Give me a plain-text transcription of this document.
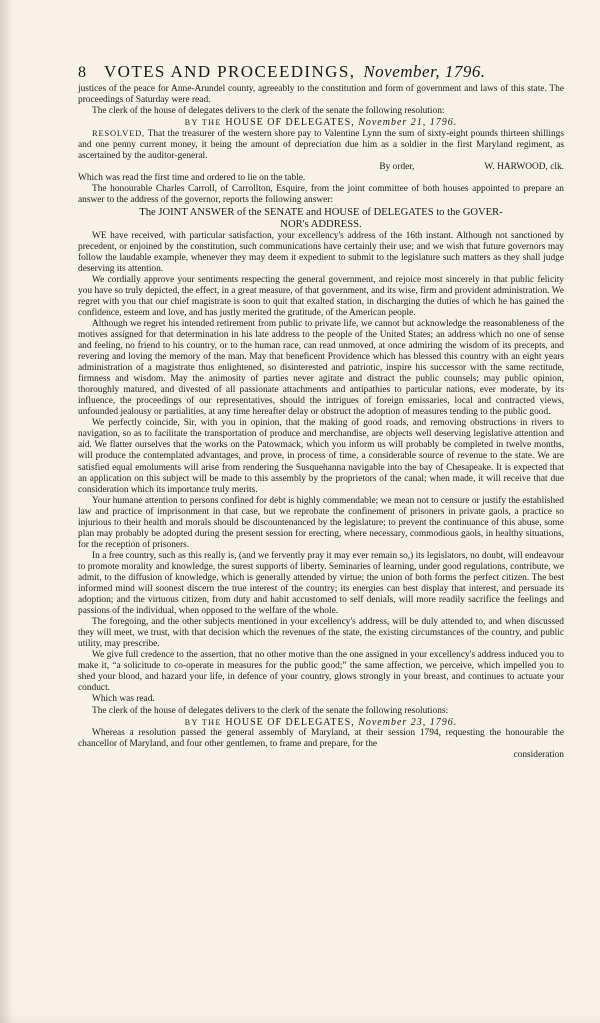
8	VOTES AND PROCEEDINGS, November, 1796.

justices of the peace for Anne-Arundel county, agreeably to the constitution and form of government and laws of this state. The proceedings of Saturday were read.

The clerk of the house of delegates delivers to the clerk of the senate the following resolution:

BY THE HOUSE OF DELEGATES, November 21, 1796.

RESOLVED, That the treasurer of the western shore pay to Valentine Lynn the sum of sixty-eight pounds thirteen shillings and one penny current money, it being the amount of depreciation due him as a soldier in the first Maryland regiment, as ascertained by the auditor-general.

By order,	W. HARWOOD, clk.

Which was read the first time and ordered to lie on the table.

The honourable Charles Carroll, of Carrollton, Esquire, from the joint committee of both houses appointed to prepare an answer to the address of the governor, reports the following answer:

The JOINT ANSWER of the SENATE and HOUSE of DELEGATES to the GOVER-
NOR's ADDRESS.

WE have received, with particular satisfaction, your excellency's address of the 16th instant. Although not sanctioned by precedent, or enjoined by the constitution, such communications have certainly their use; and we wish that future governors may follow the laudable example, whenever they may deem it expedient to submit to the legislature such matters as they shall judge deserving its attention.

We cordially approve your sentiments respecting the general government, and rejoice most sincerely in that public felicity you have so truly depicted, the effect, in a great measure, of that government, and its wise, firm and provident administration. We regret with you that our chief magistrate is soon to quit that exalted station, in discharging the duties of which he has gained the confidence, esteem and love, and has justly merited the gratitude, of the American people.

Although we regret his intended retirement from public to private life, we cannot but acknowledge the reasonableness of the motives assigned for that determination in his late address to the people of the United States; an address which no one of sense and feeling, no friend to his country, or to the human race, can read unmoved, at once admiring the wisdom of its precepts, and revering and loving the memory of the man. May that beneficent Providence which has blessed this country with an eight years administration of a magistrate thus enlightened, so disinterested and patriotic, inspire his successor with the same rectitude, firmness and wisdom. May the animosity of parties never agitate and distract the public counsels; may public opinion, thoroughly matured, and divested of all passionate attachments and antipathies to particular nations, ever moderate, by its influence, the proceedings of our representatives, should the intrigues of foreign emissaries, local and contracted views, unfounded jealousy or partialities, at any time hereafter delay or obstruct the adoption of measures tending to the public good.

We perfectly coincide, Sir, with you in opinion, that the making of good roads, and removing obstructions in rivers to navigation, so as to facilitate the transportation of produce and merchandise, are objects well deserving legislative attention and aid. We flatter ourselves that the works on the Patowmack, which you inform us will probably be completed in twelve months, will produce the contemplated advantages, and prove, in process of time, a considerable source of revenue to the state. We are satisfied equal emoluments will arise from rendering the Susquehanna navigable into the bay of Chesapeake. It is expected that an application on this subject will be made to this assembly by the proprietors of the canal; when made, it will receive that due consideration which its importance truly merits.

Your humane attention to persons confined for debt is highly commendable; we mean not to censure or justify the established law and practice of imprisonment in that case, but we reprobate the confinement of prisoners in private gaols, a practice so injurious to their health and morals should be discountenanced by the legislature; to prevent the continuance of this abuse, some plan may probably be adopted during the present session for erecting, where necessary, commodious gaols, in healthy situations, for the reception of prisoners.

In a free country, such as this really is, (and we fervently pray it may ever remain so,) its legislators, no doubt, will endeavour to promote morality and knowledge, the surest supports of liberty. Seminaries of learning, under good regulations, contribute, we admit, to the diffusion of knowledge, which is generally attended by virtue; the union of both forms the perfect citizen. The best informed mind will soonest discern the true interest of the country; its energies can best display that interest, and persuade its adoption; and the virtuous citizen, from duty and habit accustomed to self denials, will more readily sacrifice the feelings and passions of the individual, when opposed to the welfare of the whole.

The foregoing, and the other subjects mentioned in your excellency's address, will be duly attended to, and when discussed they will meet, we trust, with that decision which the revenues of the state, the existing circumstances of the country, and public utility, may prescribe.

We give full credence to the assertion, that no other motive than the one assigned in your excellency's address induced you to make it, “a solicitude to co-operate in measures for the public good;” the same affection, we perceive, which impelled you to shed your blood, and hazard your life, in defence of your country, glows strongly in your breast, and continues to actuate your conduct.

Which was read.

The clerk of the house of delegates delivers to the clerk of the senate the following resolutions:

BY THE HOUSE OF DELEGATES, November 23, 1796.

Whereas a resolution passed the general assembly of Maryland, at their session 1794, requesting the honourable the chancellor of Maryland, and four other gentlemen, to frame and prepare, for the

consideration
